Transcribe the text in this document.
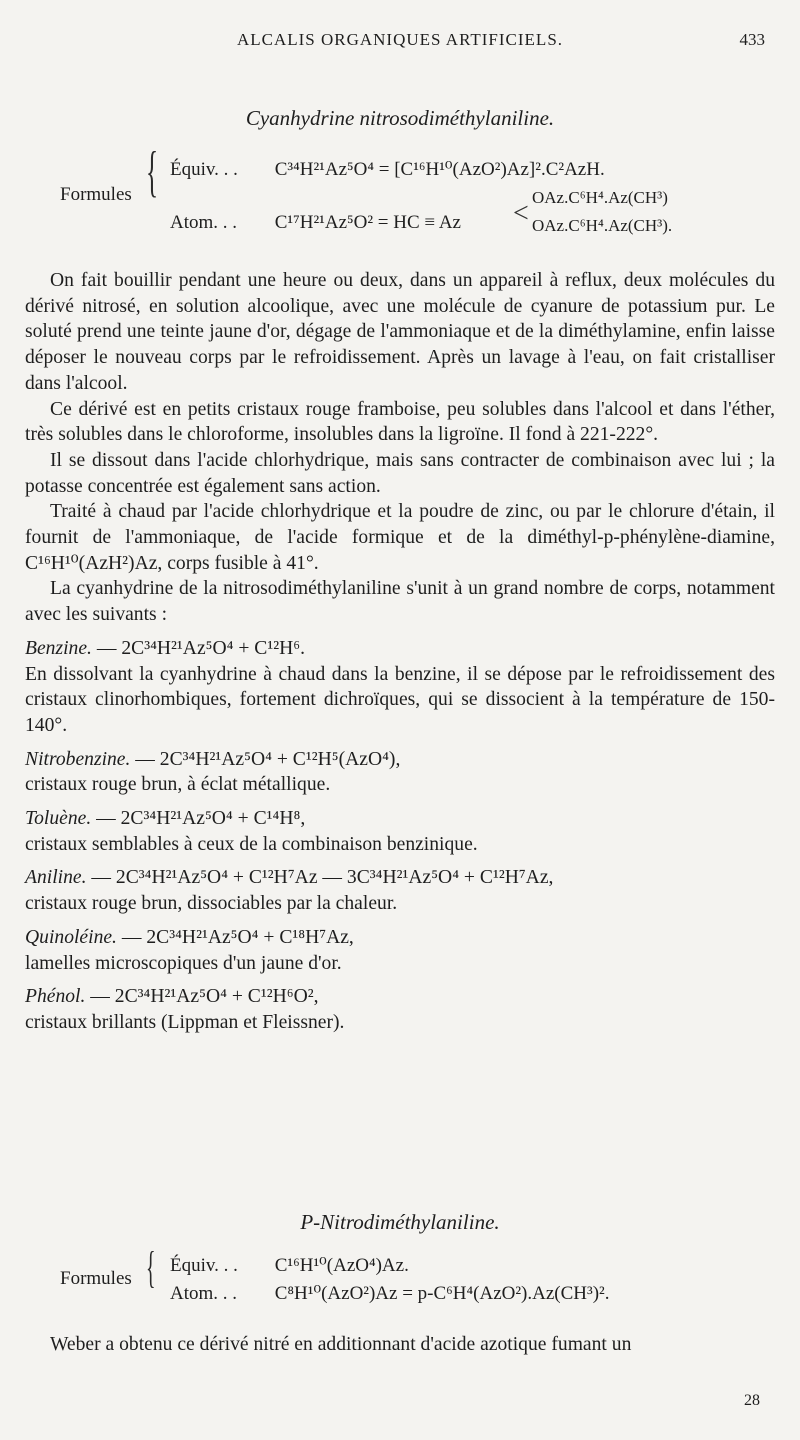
ALCALIS ORGANIQUES ARTIFICIELS.	433
Cyanhydrine nitrosodiméthylaniline.
Formules { Équiv. . . C³⁴H²¹Az⁵O⁴ = [C¹⁶H¹⁰(AzO²)Az]².C²AzH.
Atom. . . C¹⁷H²¹Az⁵O² = HC ≡ Az <
OAz.C⁶H⁴.Az(CH³)
OAz.C⁶H⁴.Az(CH³).

On fait bouillir pendant une heure ou deux, dans un appareil à reflux, deux molécules du dérivé nitrosé, en solution alcoolique, avec une molécule de cyanure de potassium pur. Le soluté prend une teinte jaune d'or, dégage de l'ammoniaque et de la diméthylamine, enfin laisse déposer le nouveau corps par le refroidissement. Après un lavage à l'eau, on fait cristalliser dans l'alcool.

Ce dérivé est en petits cristaux rouge framboise, peu solubles dans l'alcool et dans l'éther, très solubles dans le chloroforme, insolubles dans la ligroïne. Il fond à 221-222°.

Il se dissout dans l'acide chlorhydrique, mais sans contracter de combinaison avec lui ; la potasse concentrée est également sans action.

Traité à chaud par l'acide chlorhydrique et la poudre de zinc, ou par le chlorure d'étain, il fournit de l'ammoniaque, de l'acide formique et de la diméthyl-p-phénylène-diamine, C¹⁶H¹⁰(AzH²)Az, corps fusible à 41°.

La cyanhydrine de la nitrosodiméthylaniline s'unit à un grand nombre de corps, notamment avec les suivants :

Benzine. — 2C³⁴H²¹Az⁵O⁴ + C¹²H⁶.

En dissolvant la cyanhydrine à chaud dans la benzine, il se dépose par le refroidissement des cristaux clinorhombiques, fortement dichroïques, qui se dissocient à la température de 150-140°.

Nitrobenzine. — 2C³⁴H²¹Az⁵O⁴ + C¹²H⁵(AzO⁴),

cristaux rouge brun, à éclat métallique.

Toluène. — 2C³⁴H²¹Az⁵O⁴ + C¹⁴H⁸,

cristaux semblables à ceux de la combinaison benzinique.

Aniline. — 2C³⁴H²¹Az⁵O⁴ + C¹²H⁷Az — 3C³⁴H²¹Az⁵O⁴ + C¹²H⁷Az,

cristaux rouge brun, dissociables par la chaleur.

Quinoléine. — 2C³⁴H²¹Az⁵O⁴ + C¹⁸H⁷Az,

lamelles microscopiques d'un jaune d'or.

Phénol. — 2C³⁴H²¹Az⁵O⁴ + C¹²H⁶O²,

cristaux brillants (Lippman et Fleissner).

P-Nitrodiméthylaniline.
Formules { Équiv. . . C¹⁶H¹⁰(AzO⁴)Az.
Atom. . . C⁸H¹⁰(AzO²)Az = p-C⁶H⁴(AzO²).Az(CH³)².

Weber a obtenu ce dérivé nitré en additionnant d'acide azotique fumant un

28
